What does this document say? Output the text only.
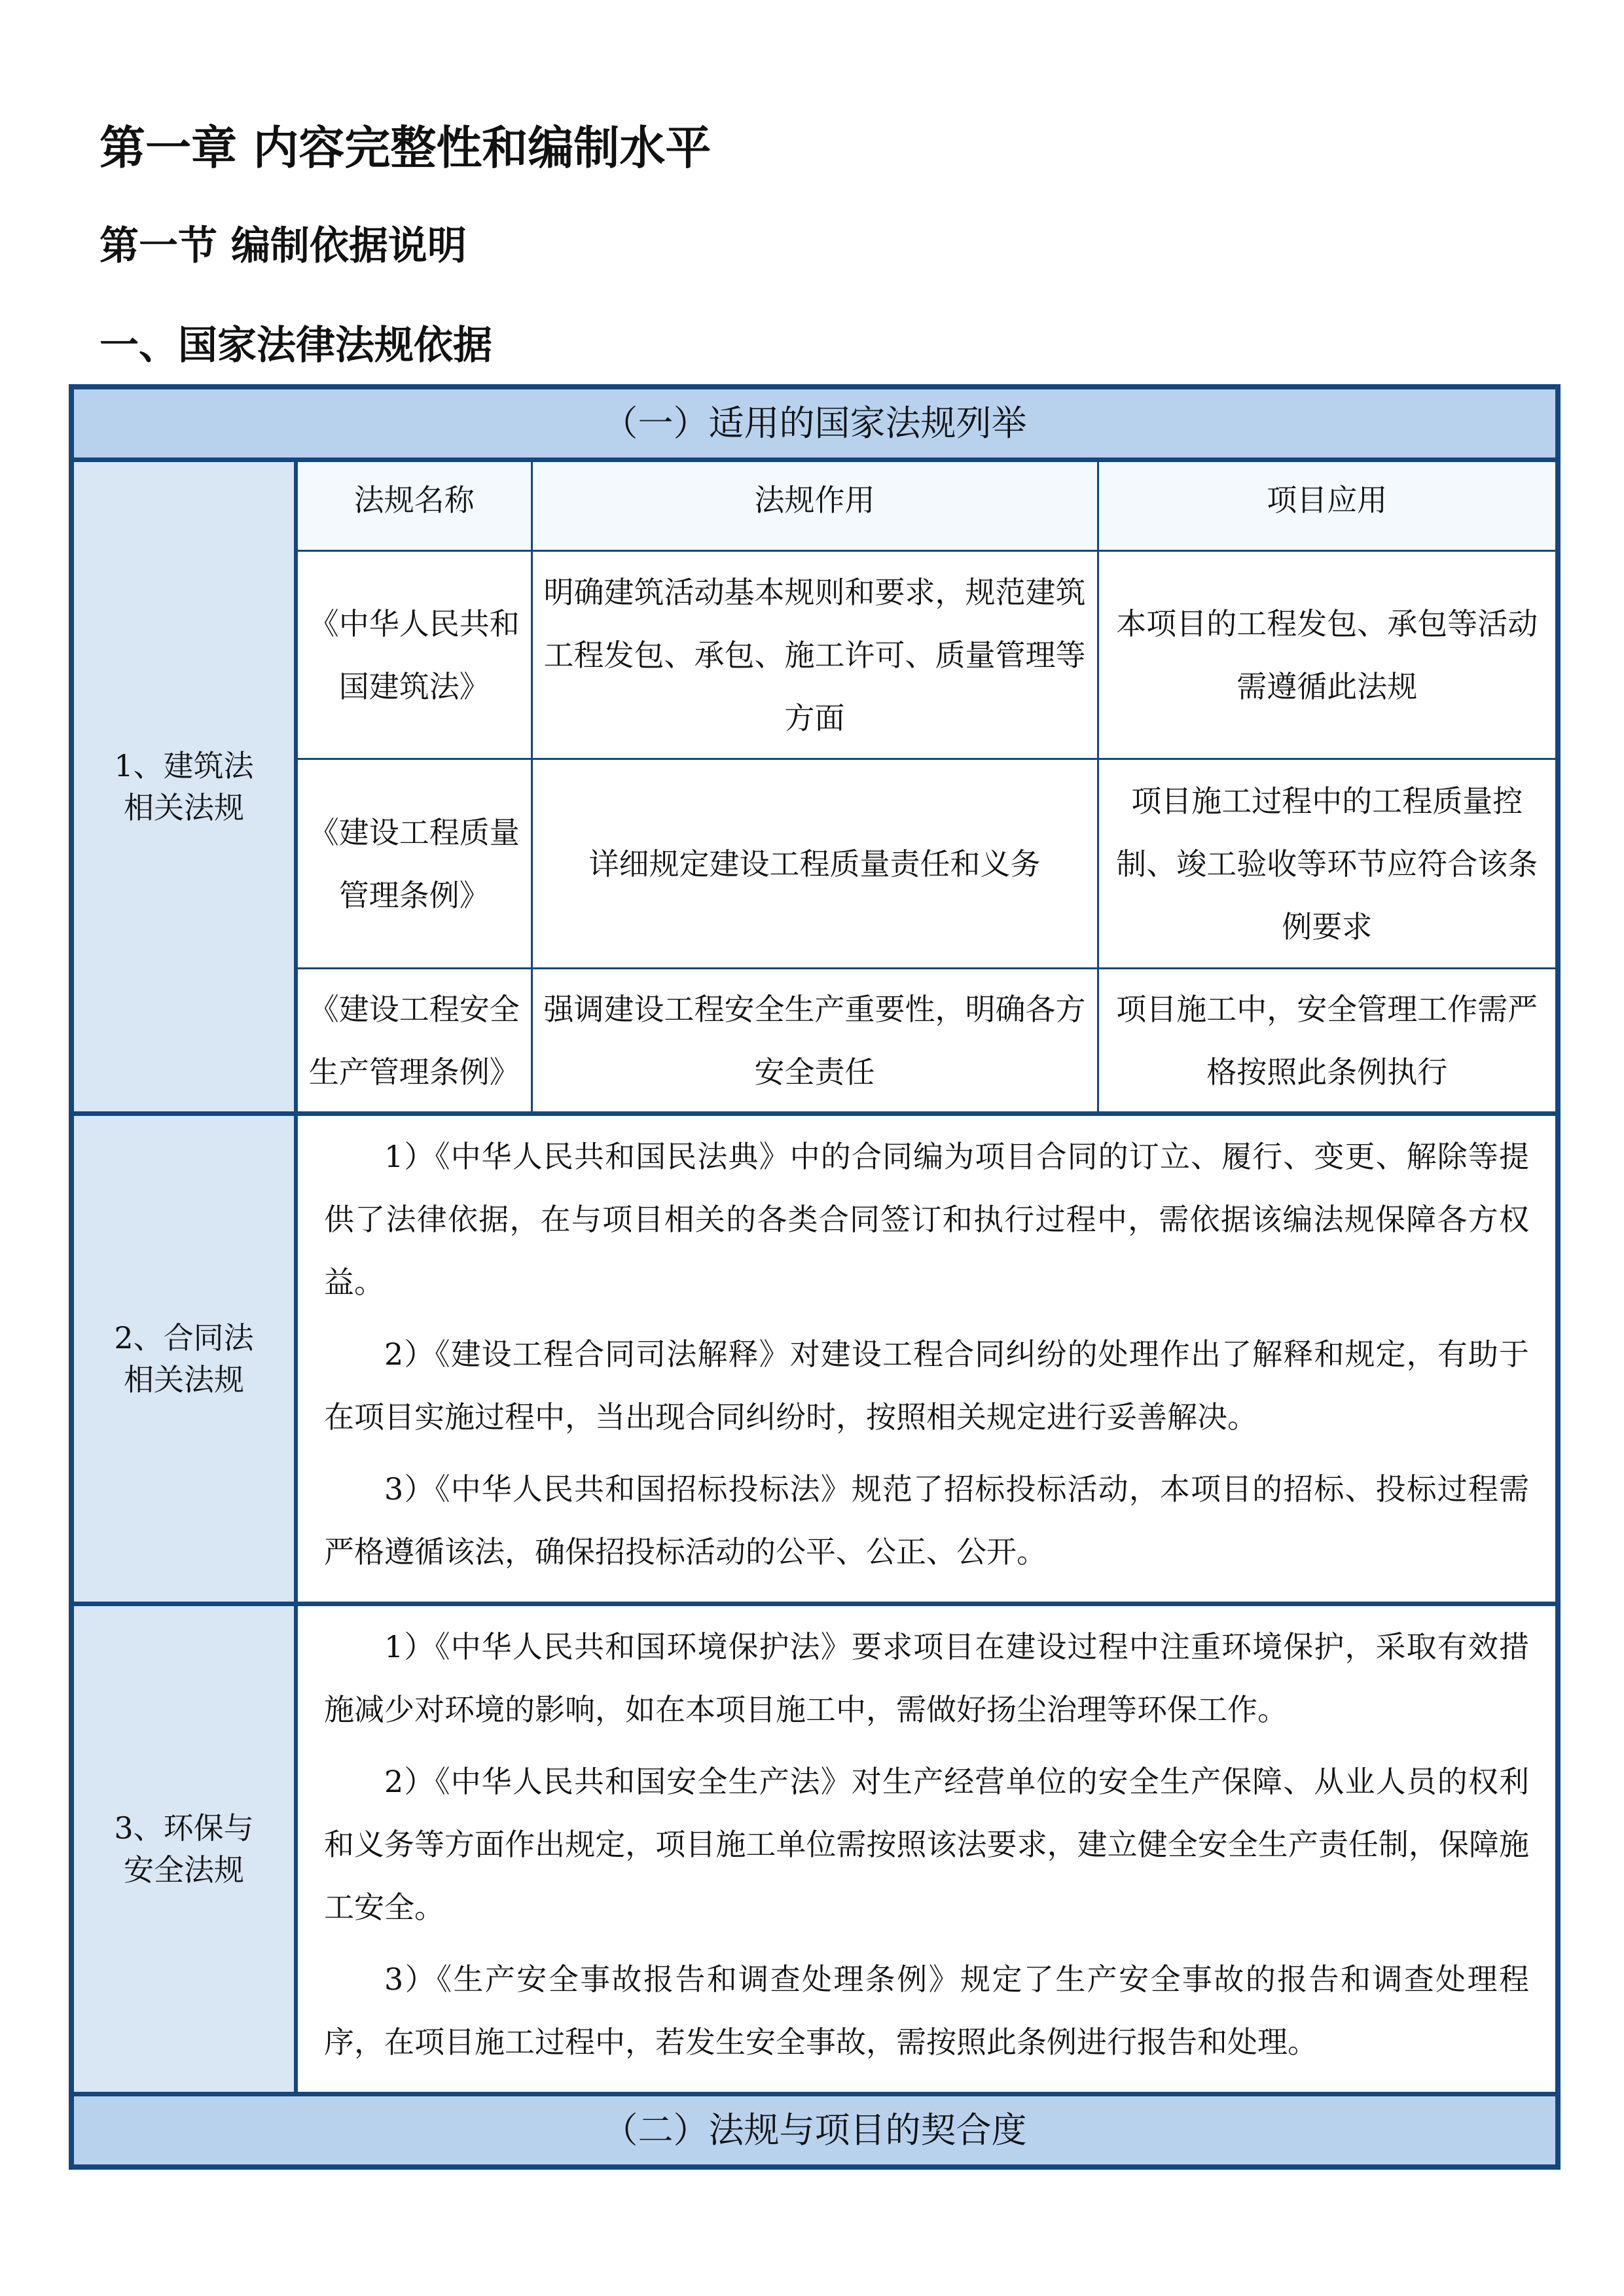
第一章 内容完整性和编制水平
第一节 编制依据说明
一、国家法律法规依据
（一）适用的国家法规列举			

1、建筑法相关法规	法规名称	法规作用	项目应用
	《中华人民共和国建筑法》	明确建筑活动基本规则和要求，规范建筑工程发包、承包、施工许可、质量管理等方面	本项目的工程发包、承包等活动需遵循此法规
	《建设工程质量管理条例》	详细规定建设工程质量责任和义务	项目施工过程中的工程质量控制、竣工验收等环节应符合该条例要求
	《建设工程安全生产管理条例》	强调建设工程安全生产重要性，明确各方安全责任	项目施工中，安全管理工作需严格按照此条例执行

2、合同法相关法规	1）《中华人民共和国民法典》中的合同编为项目合同的订立、履行、变更、解除等提供了法律依据，在与项目相关的各类合同签订和执行过程中，需依据该编法规保障各方权益。

2）《建设工程合同司法解释》对建设工程合同纠纷的处理作出了解释和规定，有助于在项目实施过程中，当出现合同纠纷时，按照相关规定进行妥善解决。

3）《中华人民共和国招标投标法》规范了招标投标活动，本项目的招标、投标过程需严格遵循该法，确保招投标活动的公平、公正、公开。		

3、环保与安全法规	1）《中华人民共和国环境保护法》要求项目在建设过程中注重环境保护，采取有效措施减少对环境的影响，如在本项目施工中，需做好扬尘治理等环保工作。

2）《中华人民共和国安全生产法》对生产经营单位的安全生产保障、从业人员的权利和义务等方面作出规定，项目施工单位需按照该法要求，建立健全安全生产责任制，保障施工安全。

3）《生产安全事故报告和调查处理条例》规定了生产安全事故的报告和调查处理程序，在项目施工过程中，若发生安全事故，需按照此条例进行报告和处理。		

（二）法规与项目的契合度			
